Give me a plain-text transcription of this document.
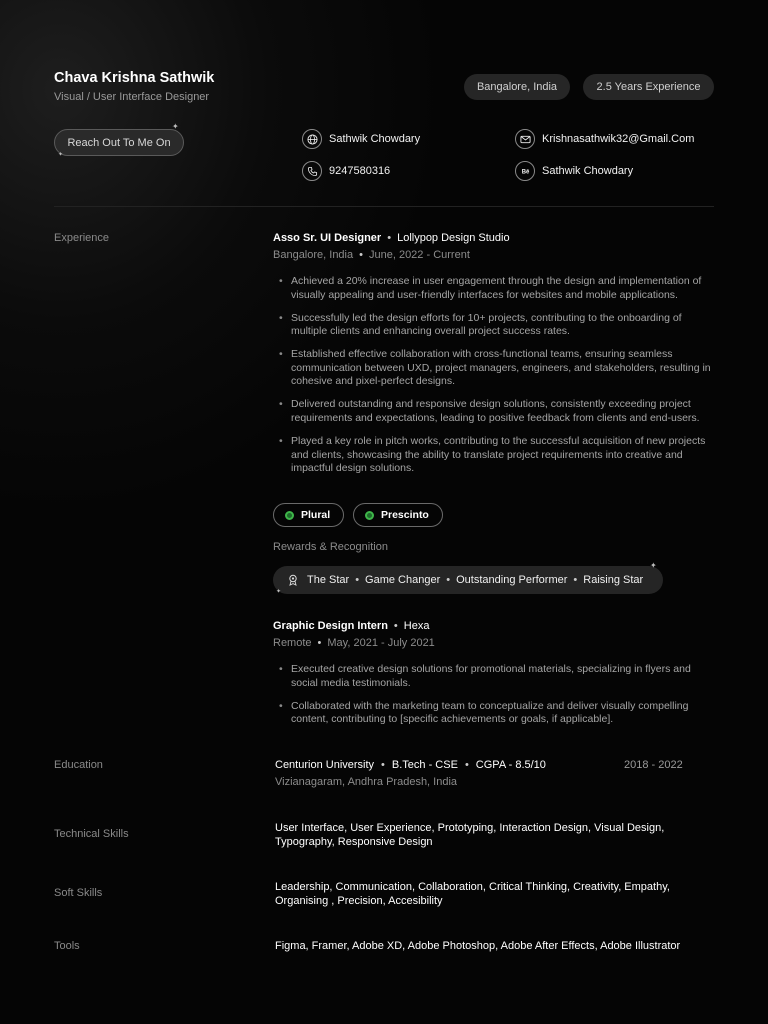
Chava Krishna Sathwik
Visual / User Interface Designer
Bangalore, India	2.5 Years Experience
Reach Out To Me On
✦
✦
Sathwik Chowdary	Krishnasathwik32@Gmail.Com
9247580316	Bē Sathwik Chowdary
Experience	Asso Sr. UI Designer • Lollypop Design Studio
Bangalore, India • June, 2022 - Current
• Achieved a 20% increase in user engagement through the design and implementation of visually appealing and user-friendly interfaces for websites and mobile applications.
• Successfully led the design efforts for 10+ projects, contributing to the onboarding of multiple clients and enhancing overall project success rates.
• Established effective collaboration with cross-functional teams, ensuring seamless communication between UXD, project managers, engineers, and stakeholders, resulting in cohesive and pixel-perfect designs.
• Delivered outstanding and responsive design solutions, consistently exceeding project requirements and expectations, leading to positive feedback from clients and end-users.
• Played a key role in pitch works, contributing to the successful acquisition of new projects and clients, showcasing the ability to translate project requirements into creative and impactful design solutions.
Plural	Prescinto
Rewards & Recognition
The Star • Game Changer • Outstanding Performer • Raising Star
✦
✦
Graphic Design Intern • Hexa
Remote • May, 2021 - July 2021
• Executed creative design solutions for promotional materials, specializing in flyers and social media testimonials.
• Collaborated with the marketing team to conceptualize and deliver visually compelling content, contributing to [specific achievements or goals, if applicable].
Education	Centurion University • B.Tech - CSE • CGPA - 8.5/10	2018 - 2022
Vizianagaram, Andhra Pradesh, India
Technical Skills	User Interface, User Experience, Prototyping, Interaction Design, Visual Design, Typography, Responsive Design
Soft Skills	Leadership, Communication, Collaboration, Critical Thinking, Creativity, Empathy, Organising , Precision, Accesibility
Tools	Figma, Framer, Adobe XD, Adobe Photoshop, Adobe After Effects, Adobe Illustrator
